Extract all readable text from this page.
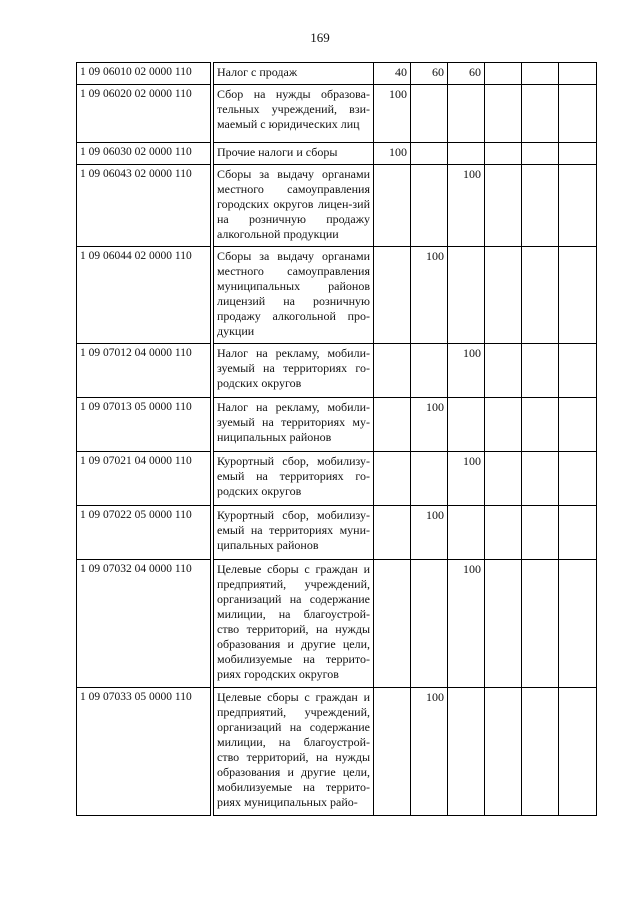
169
1 09 06010 02 0000 110		Налог с продаж	40	60	60			
1 09 06020 02 0000 110		Сбор на нужды образова-тельных учреждений, взи-маемый с юридических лиц	100					
1 09 06030 02 0000 110		Прочие налоги и сборы	100					
1 09 06043 02 0000 110		Сборы за выдачу органами местного самоуправления городских округов лицен-зий на розничную продажу алкогольной продукции			100			
1 09 06044 02 0000 110		Сборы за выдачу органами местного самоуправления муниципальных районов лицензий на розничную продажу алкогольной про-дукции		100				
1 09 07012 04 0000 110		Налог на рекламу, мобили-зуемый на территориях го-родских округов			100			
1 09 07013 05 0000 110		Налог на рекламу, мобили-зуемый на территориях му-ниципальных районов		100				
1 09 07021 04 0000 110		Курортный сбор, мобилизу-емый на территориях го-родских округов			100			
1 09 07022 05 0000 110		Курортный сбор, мобилизу-емый на территориях муни-ципальных районов		100				
1 09 07032 04 0000 110		Целевые сборы с граждан и предприятий, учреждений, организаций на содержание милиции, на благоустрой-ство территорий, на нужды образования и другие цели, мобилизуемые на террито-риях городских округов			100			
1 09 07033 05 0000 110		Целевые сборы с граждан и предприятий, учреждений, организаций на содержание милиции, на благоустрой-ство территорий, на нужды образования и другие цели, мобилизуемые на террито-риях муниципальных райо-		100				
